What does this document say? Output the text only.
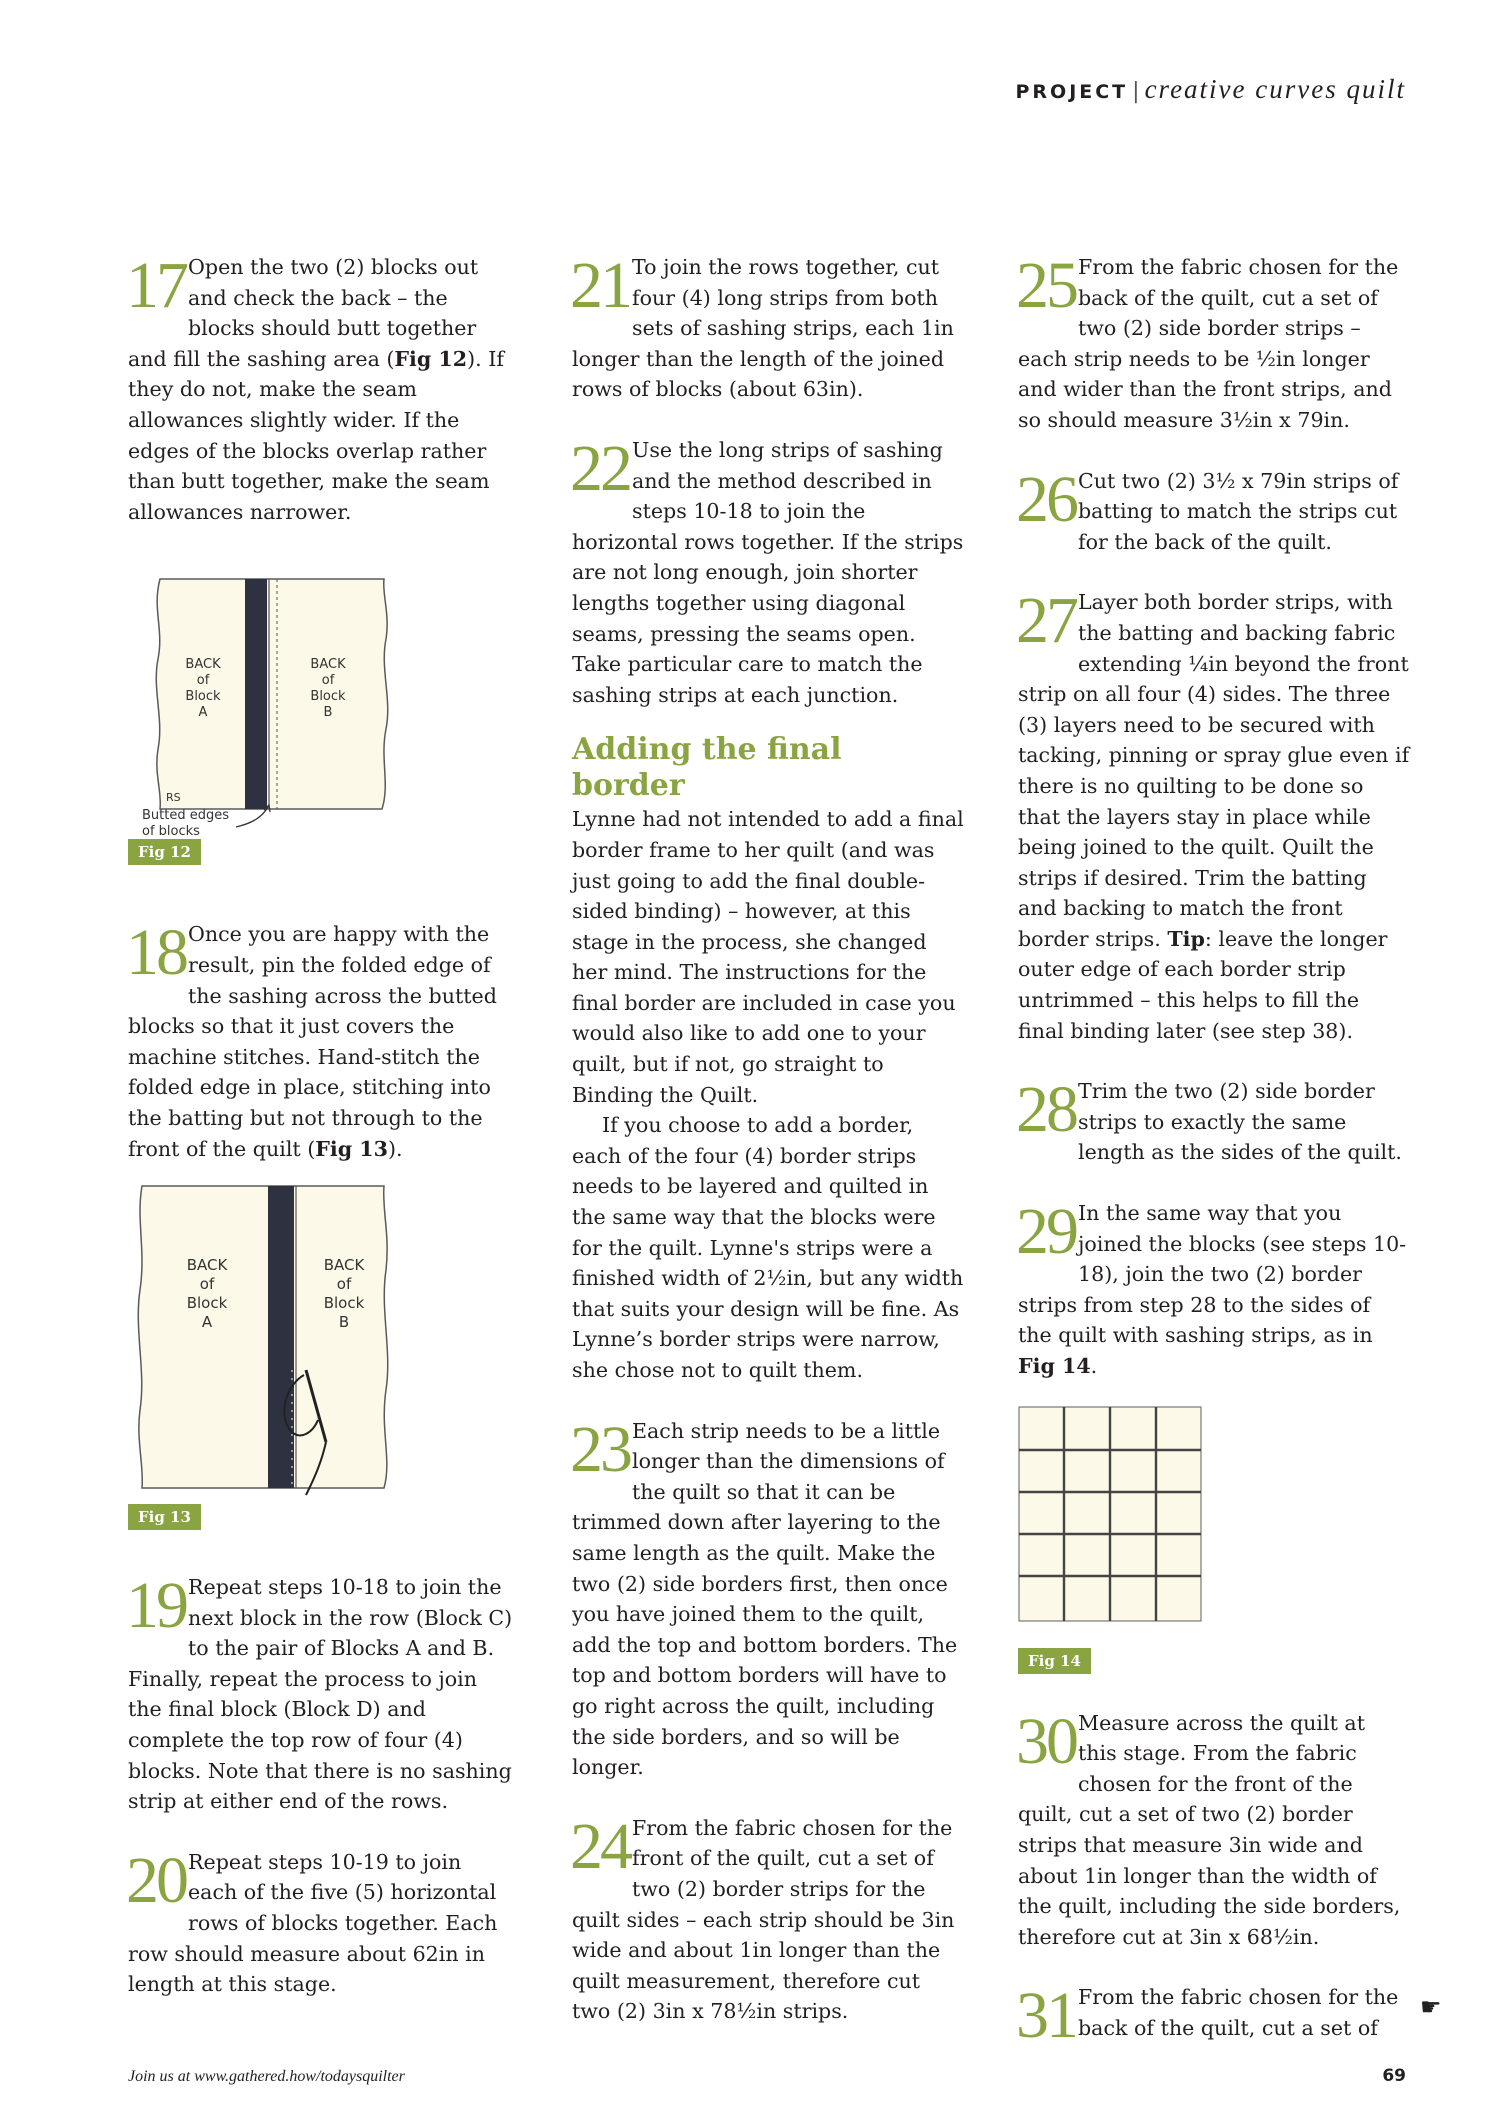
PROJECT | creative curves quilt

17 Open the two (2) blocks out and check the back – the blocks should butt together and fill the sashing area (Fig 12). If they do not, make the seam allowances slightly wider. If the edges of the blocks overlap rather than butt together, make the seam allowances narrower.

BACK of Block A
BACK of Block B
RS
Butted edges of blocks
Fig 12

18 Once you are happy with the result, pin the folded edge of the sashing across the butted blocks so that it just covers the machine stitches. Hand-stitch the folded edge in place, stitching into the batting but not through to the front of the quilt (Fig 13).

BACK of Block A
BACK of Block B
Fig 13

19 Repeat steps 10-18 to join the next block in the row (Block C) to the pair of Blocks A and B. Finally, repeat the process to join the final block (Block D) and complete the top row of four (4) blocks. Note that there is no sashing strip at either end of the rows.

20 Repeat steps 10-19 to join each of the five (5) horizontal rows of blocks together. Each row should measure about 62in in length at this stage.

21 To join the rows together, cut four (4) long strips from both sets of sashing strips, each 1in longer than the length of the joined rows of blocks (about 63in).

22 Use the long strips of sashing and the method described in steps 10-18 to join the horizontal rows together. If the strips are not long enough, join shorter lengths together using diagonal seams, pressing the seams open. Take particular care to match the sashing strips at each junction.

Adding the final border

Lynne had not intended to add a final border frame to her quilt (and was just going to add the final double-sided binding) – however, at this stage in the process, she changed her mind. The instructions for the final border are included in case you would also like to add one to your quilt, but if not, go straight to Binding the Quilt.

If you choose to add a border, each of the four (4) border strips needs to be layered and quilted in the same way that the blocks were for the quilt. Lynne's strips were a finished width of 2½in, but any width that suits your design will be fine. As Lynne’s border strips were narrow, she chose not to quilt them.

23 Each strip needs to be a little longer than the dimensions of the quilt so that it can be trimmed down after layering to the same length as the quilt. Make the two (2) side borders first, then once you have joined them to the quilt, add the top and bottom borders. The top and bottom borders will have to go right across the quilt, including the side borders, and so will be longer.

24 From the fabric chosen for the front of the quilt, cut a set of two (2) border strips for the quilt sides – each strip should be 3in wide and about 1in longer than the quilt measurement, therefore cut two (2) 3in x 78½in strips.

25 From the fabric chosen for the back of the quilt, cut a set of two (2) side border strips – each strip needs to be ½in longer and wider than the front strips, and so should measure 3½in x 79in.

26 Cut two (2) 3½ x 79in strips of batting to match the strips cut for the back of the quilt.

27 Layer both border strips, with the batting and backing fabric extending ¼in beyond the front strip on all four (4) sides. The three (3) layers need to be secured with tacking, pinning or spray glue even if there is no quilting to be done so that the layers stay in place while being joined to the quilt. Quilt the strips if desired. Trim the batting and backing to match the front border strips. Tip: leave the longer outer edge of each border strip untrimmed – this helps to fill the final binding later (see step 38).

28 Trim the two (2) side border strips to exactly the same length as the sides of the quilt.

29 In the same way that you joined the blocks (see steps 10-18), join the two (2) border strips from step 28 to the sides of the quilt with sashing strips, as in Fig 14.

Fig 14

30 Measure across the quilt at this stage. From the fabric chosen for the front of the quilt, cut a set of two (2) border strips that measure 3in wide and about 1in longer than the width of the quilt, including the side borders, therefore cut at 3in x 68½in.

31 From the fabric chosen for the back of the quilt, cut a set of

☛
Join us at www.gathered.how/todaysquilter	69
